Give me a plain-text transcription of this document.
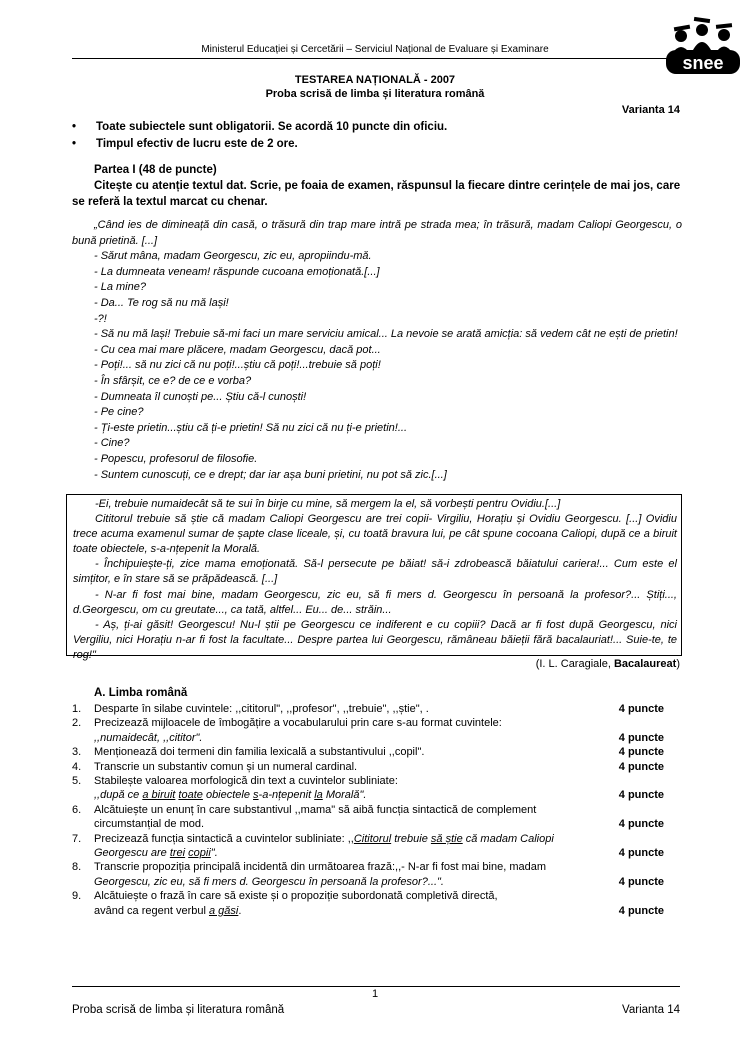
Ministerul Educației și Cercetării – Serviciul Național de Evaluare și Examinare
snee
TESTAREA NAȚIONALĂ - 2007
Proba scrisă de limba și literatura română
Varianta 14
• Toate subiectele sunt obligatorii. Se acordă 10 puncte din oficiu.
• Timpul efectiv de lucru este de 2 ore.
Partea I (48 de puncte)
Citește cu atenție textul dat. Scrie, pe foaia de examen, răspunsul la fiecare dintre cerințele de mai jos, care se referă la textul marcat cu chenar.
„Când ies de dimineață din casă, o trăsură din trap mare intră pe strada mea; în trăsură, madam Caliopi Georgescu, o bună prietină. [...]
- Sărut mâna, madam Georgescu, zic eu, apropiindu-mă.
- La dumneata veneam! răspunde cucoana emoționată.[...]
- La mine?
- Da... Te rog să nu mă lași!
-?!
- Să nu mă lași! Trebuie să-mi faci un mare serviciu amical... La nevoie se arată amicția: să vedem cât ne ești de prietin!
- Cu cea mai mare plăcere, madam Georgescu, dacă pot...
- Poți!... să nu zici că nu poți!...știu că poți!...trebuie să poți!
- În sfârșit, ce e? de ce e vorba?
- Dumneata îl cunoști pe... Știu că-l cunoști!
- Pe cine?
- Ți-este prietin...știu că ți-e prietin! Să nu zici că nu ți-e prietin!...
- Cine?
- Popescu, profesorul de filosofie.
- Suntem cunoscuți, ce e drept; dar iar așa buni prietini, nu pot să zic.[...]

-Ei, trebuie numaidecât să te sui în birje cu mine, să mergem la el, să vorbești pentru Ovidiu.[...]

Cititorul trebuie să știe că madam Caliopi Georgescu are trei copii- Virgiliu, Horațiu și Ovidiu Georgescu. [...] Ovidiu trece acuma examenul sumar de șapte clase liceale, și, cu toată bravura lui, pe cât spune cocoana Caliopi, după ce a biruit toate obiectele, s-a-nțepenit la Morală.

- Închipuiește-ți, zice mama emoționată. Să-l persecute pe băiat! să-i zdrobească băiatului cariera!... Cum este el simțitor, e în stare să se prăpădească. [...]

- N-ar fi fost mai bine, madam Georgescu, zic eu, să fi mers d. Georgescu în persoană la profesor?... Știți..., d.Georgescu, om cu greutate..., ca tată, altfel... Eu... de... străin...

- Aș, ți-ai găsit! Georgescu! Nu-l știi pe Georgescu ce indiferent e cu copiii? Dacă ar fi fost după Georgescu, nici Vergiliu, nici Horațiu n-ar fi fost la facultate... Despre partea lui Georgescu, rămâneau băieții fără bacalauriat!... Suie-te, te rog!"

(I. L. Caragiale, Bacalaureat)
A. Limba română
1. Desparte în silabe cuvintele: ,,cititorul", ,,profesor", ,,trebuie", ,,știe", .	4 puncte
2. Precizează mijloacele de îmbogățire a vocabularului prin care s-au format cuvintele:
,,numaidecât, ,,cititor".	4 puncte
3. Menționează doi termeni din familia lexicală a substantivului ,,copil".	4 puncte
4. Transcrie un substantiv comun și un numeral cardinal.	4 puncte
5. Stabilește valoarea morfologică din text a cuvintelor subliniate:
,,după ce a biruit toate obiectele s-a-nțepenit la Morală".	4 puncte
6. Alcătuiește un enunț în care substantivul ,,mama" să aibă funcția sintactică de complement
circumstanțial de mod.	4 puncte
7. Precizează funcția sintactică a cuvintelor subliniate: ,,Cititorul trebuie să știe că madam Caliopi
Georgescu are trei copii".	4 puncte
8. Transcrie propoziția principală incidentă din următoarea frază:,,- N-ar fi fost mai bine, madam
Georgescu, zic eu, să fi mers d. Georgescu în persoană la profesor?...".	4 puncte
9. Alcătuiește o frază în care să existe și o propoziție subordonată completivă directă,
având ca regent verbul a găsi.	4 puncte
1
Proba scrisă de limba și literatura română	Varianta 14
